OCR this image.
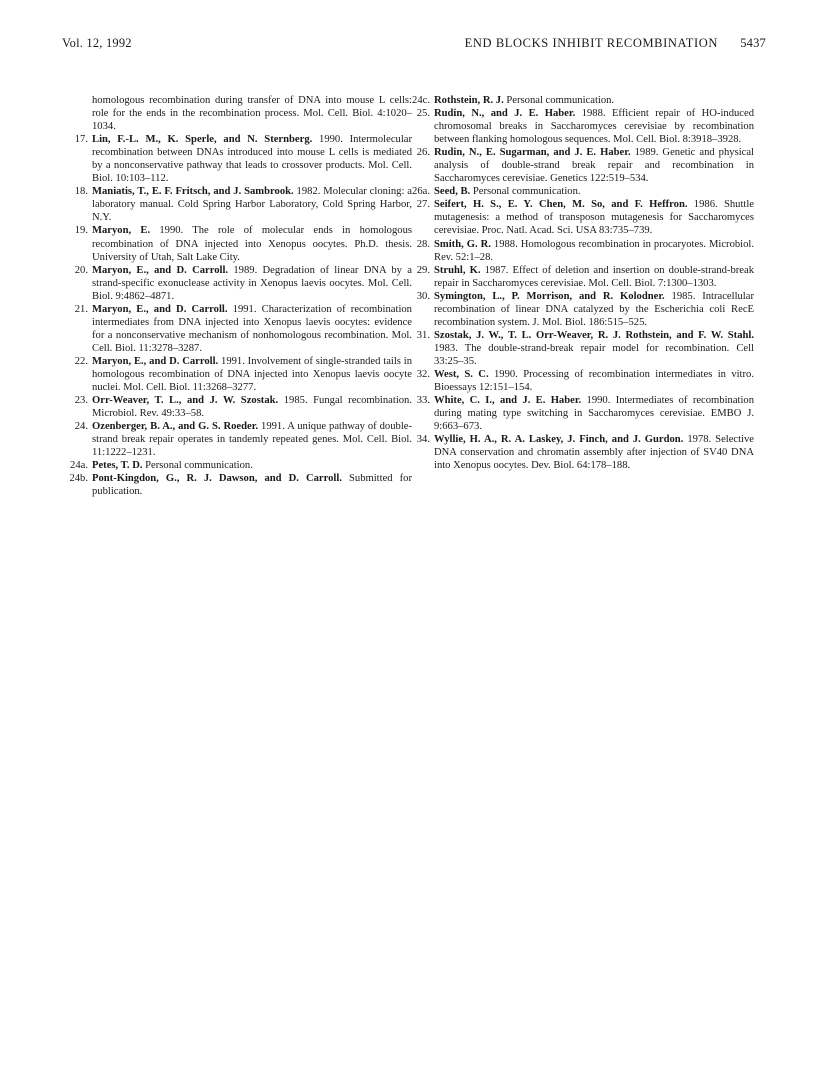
Vol. 12, 1992	END BLOCKS INHIBIT RECOMBINATION 5437
homologous recombination during transfer of DNA into mouse L cells: role for the ends in the recombination process. Mol. Cell. Biol. 4:1020–1034.
17. Lin, F.-L. M., K. Sperle, and N. Sternberg. 1990. Intermolecular recombination between DNAs introduced into mouse L cells is mediated by a nonconservative pathway that leads to crossover products. Mol. Cell. Biol. 10:103–112.
18. Maniatis, T., E. F. Fritsch, and J. Sambrook. 1982. Molecular cloning: a laboratory manual. Cold Spring Harbor Laboratory, Cold Spring Harbor, N.Y.
19. Maryon, E. 1990. The role of molecular ends in homologous recombination of DNA injected into Xenopus oocytes. Ph.D. thesis. University of Utah, Salt Lake City.
20. Maryon, E., and D. Carroll. 1989. Degradation of linear DNA by a strand-specific exonuclease activity in Xenopus laevis oocytes. Mol. Cell. Biol. 9:4862–4871.
21. Maryon, E., and D. Carroll. 1991. Characterization of recombination intermediates from DNA injected into Xenopus laevis oocytes: evidence for a nonconservative mechanism of nonhomologous recombination. Mol. Cell. Biol. 11:3278–3287.
22. Maryon, E., and D. Carroll. 1991. Involvement of single-stranded tails in homologous recombination of DNA injected into Xenopus laevis oocyte nuclei. Mol. Cell. Biol. 11:3268–3277.
23. Orr-Weaver, T. L., and J. W. Szostak. 1985. Fungal recombination. Microbiol. Rev. 49:33–58.
24. Ozenberger, B. A., and G. S. Roeder. 1991. A unique pathway of double-strand break repair operates in tandemly repeated genes. Mol. Cell. Biol. 11:1222–1231.
24a. Petes, T. D. Personal communication.
24b. Pont-Kingdon, G., R. J. Dawson, and D. Carroll. Submitted for publication.
24c. Rothstein, R. J. Personal communication.
25. Rudin, N., and J. E. Haber. 1988. Efficient repair of HO-induced chromosomal breaks in Saccharomyces cerevisiae by recombination between flanking homologous sequences. Mol. Cell. Biol. 8:3918–3928.
26. Rudin, N., E. Sugarman, and J. E. Haber. 1989. Genetic and physical analysis of double-strand break repair and recombination in Saccharomyces cerevisiae. Genetics 122:519–534.
26a. Seed, B. Personal communication.
27. Seifert, H. S., E. Y. Chen, M. So, and F. Heffron. 1986. Shuttle mutagenesis: a method of transposon mutagenesis for Saccharomyces cerevisiae. Proc. Natl. Acad. Sci. USA 83:735–739.
28. Smith, G. R. 1988. Homologous recombination in procaryotes. Microbiol. Rev. 52:1–28.
29. Struhl, K. 1987. Effect of deletion and insertion on double-strand-break repair in Saccharomyces cerevisiae. Mol. Cell. Biol. 7:1300–1303.
30. Symington, L., P. Morrison, and R. Kolodner. 1985. Intracellular recombination of linear DNA catalyzed by the Escherichia coli RecE recombination system. J. Mol. Biol. 186:515–525.
31. Szostak, J. W., T. L. Orr-Weaver, R. J. Rothstein, and F. W. Stahl. 1983. The double-strand-break repair model for recombination. Cell 33:25–35.
32. West, S. C. 1990. Processing of recombination intermediates in vitro. Bioessays 12:151–154.
33. White, C. I., and J. E. Haber. 1990. Intermediates of recombination during mating type switching in Saccharomyces cerevisiae. EMBO J. 9:663–673.
34. Wyllie, H. A., R. A. Laskey, J. Finch, and J. Gurdon. 1978. Selective DNA conservation and chromatin assembly after injection of SV40 DNA into Xenopus oocytes. Dev. Biol. 64:178–188.
